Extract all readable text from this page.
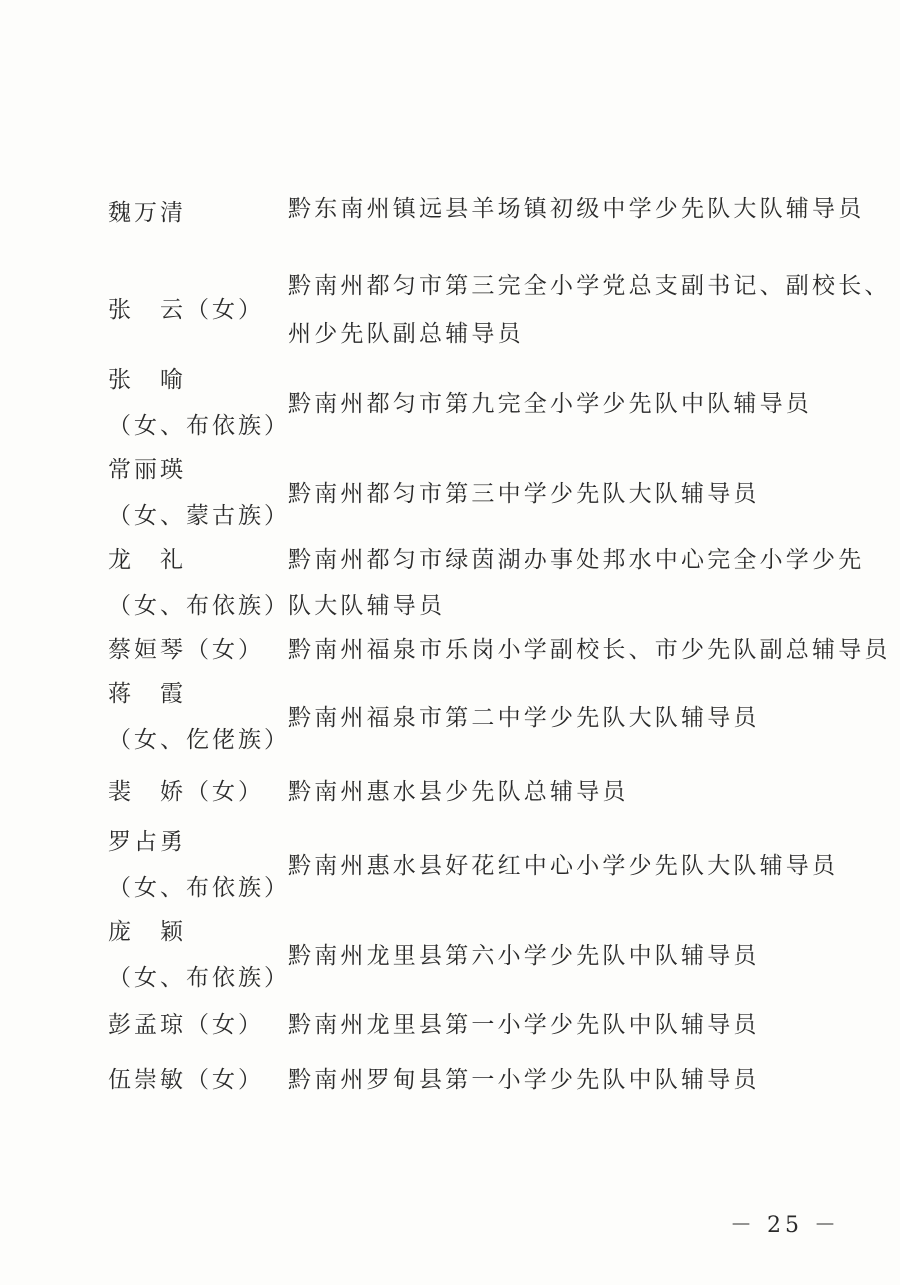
魏万清	黔东南州镇远县羊场镇初级中学少先队大队辅导员
张　云（女）
黔南州都匀市第三完全小学党总支副书记、副校长、
州少先队副总辅导员
张　喻
（女、布依族）
黔南州都匀市第九完全小学少先队中队辅导员
常丽瑛
（女、蒙古族）
黔南州都匀市第三中学少先队大队辅导员
龙　礼
（女、布依族）
黔南州都匀市绿茵湖办事处邦水中心完全小学少先
队大队辅导员
蔡姮琴（女） 黔南州福泉市乐岗小学副校长、市少先队副总辅导员
蒋　霞
（女、仡佬族）
黔南州福泉市第二中学少先队大队辅导员
裴　娇（女） 黔南州惠水县少先队总辅导员
罗占勇
（女、布依族）
黔南州惠水县好花红中心小学少先队大队辅导员
庞　颖
（女、布依族）
黔南州龙里县第六小学少先队中队辅导员
彭孟琼（女） 黔南州龙里县第一小学少先队中队辅导员
伍崇敏（女） 黔南州罗甸县第一小学少先队中队辅导员
－ 25 －
